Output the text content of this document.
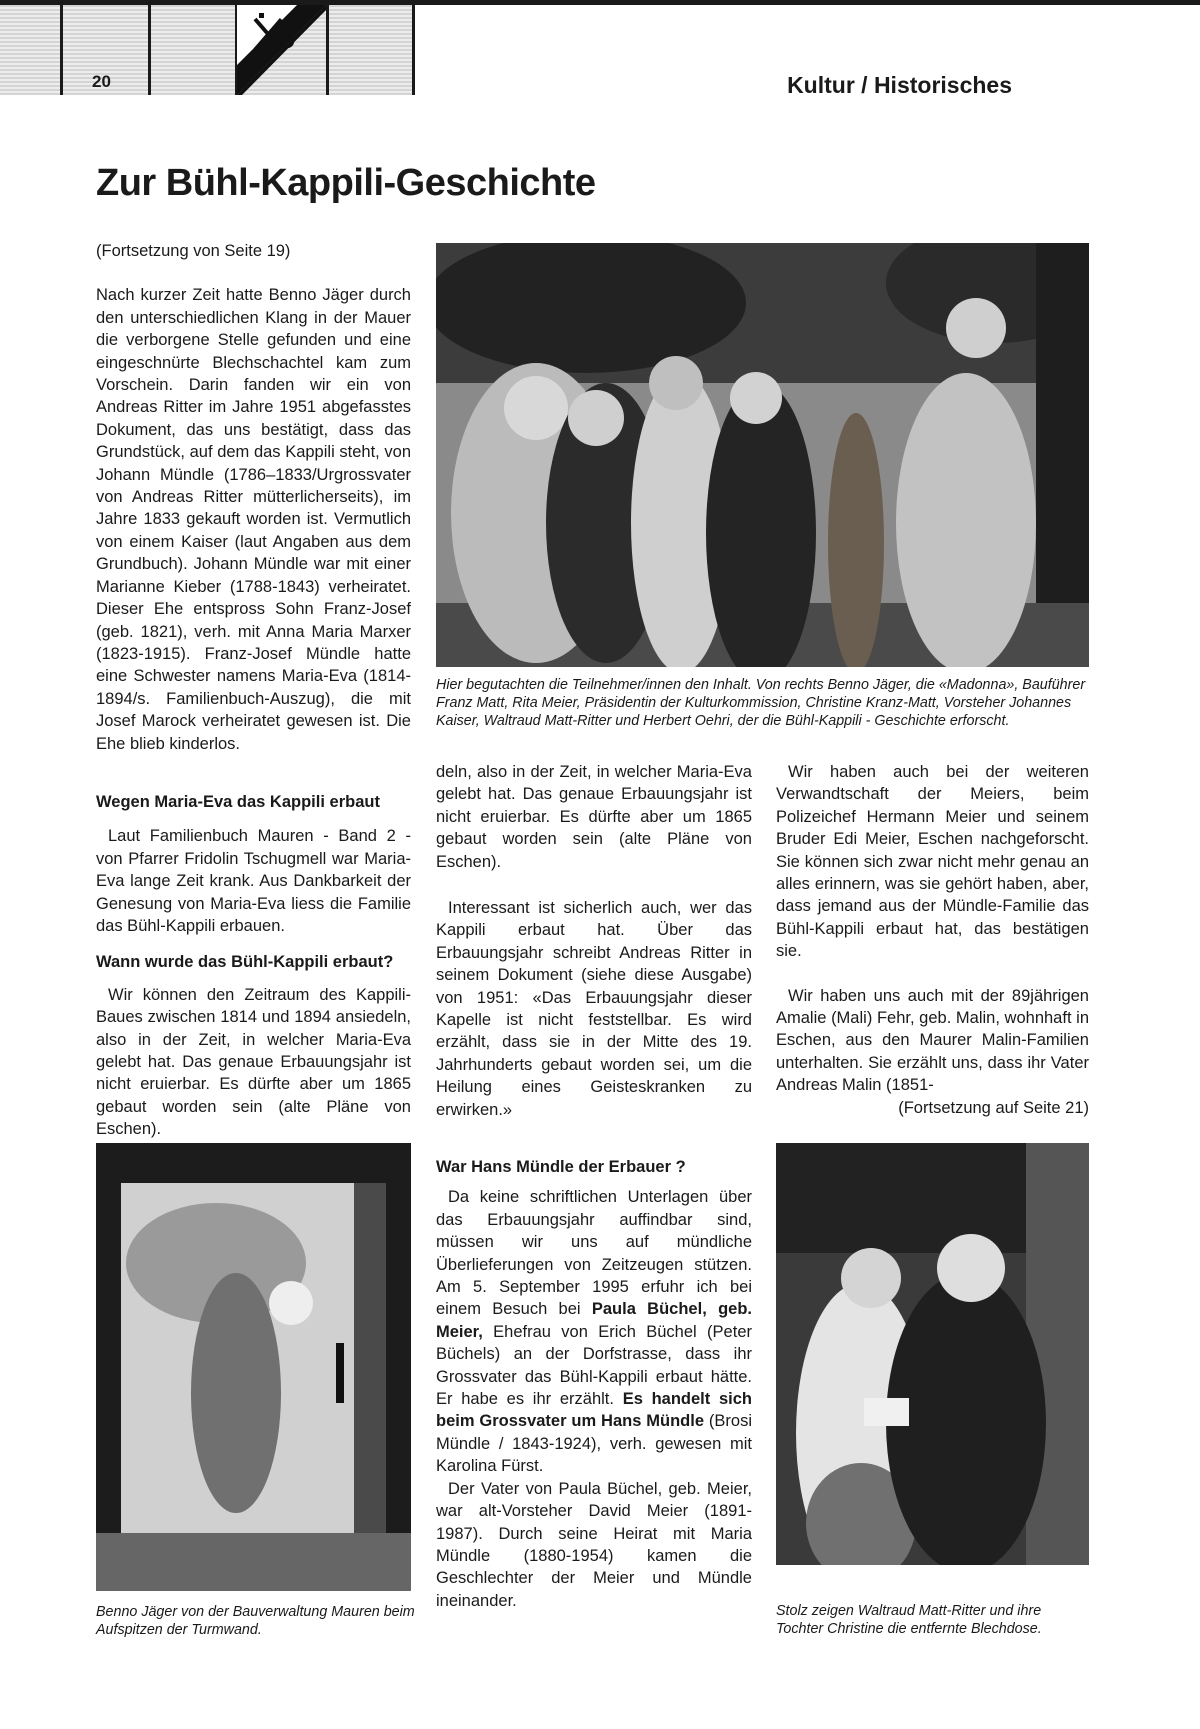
20	Kultur / Historisches
Zur Bühl-Kappili-Geschichte

(Fortsetzung von Seite 19)

Nach kurzer Zeit hatte Benno Jäger durch den unterschiedlichen Klang in der Mauer die verborgene Stelle gefunden und eine eingeschnürte Blechschachtel kam zum Vorschein. Darin fanden wir ein von Andreas Ritter im Jahre 1951 abgefasstes Dokument, das uns bestätigt, dass das Grundstück, auf dem das Kappili steht, von Johann Mündle (1786–1833/Urgrossvater von Andreas Ritter mütterlicherseits), im Jahre 1833 gekauft worden ist. Vermutlich von einem Kaiser (laut Angaben aus dem Grundbuch). Johann Mündle war mit einer Marianne Kieber (1788-1843) verheiratet. Dieser Ehe entspross Sohn Franz-Josef (geb. 1821), verh. mit Anna Maria Marxer (1823-1915). Franz-Josef Mündle hatte eine Schwester namens Maria-Eva (1814-1894/s. Familienbuch-Auszug), die mit Josef Marock verheiratet gewesen ist. Die Ehe blieb kinderlos.

Wegen Maria-Eva das Kappili erbaut

Laut Familienbuch Mauren - Band 2 - von Pfarrer Fridolin Tschugmell war Maria-Eva lange Zeit krank. Aus Dankbarkeit der Genesung von Maria-Eva liess die Familie das Bühl-Kappili erbauen.

Wann wurde das Bühl-Kappili erbaut?

Wir können den Zeitraum des Kappili-Baues zwischen 1814 und 1894 ansiedeln, also in der Zeit, in welcher Maria-Eva gelebt hat. Das genaue Erbauungsjahr ist nicht eruierbar. Es dürfte aber um 1865 gebaut worden sein (alte Pläne von Eschen).

Hier begutachten die Teilnehmer/innen den Inhalt. Von rechts Benno Jäger, die «Madonna», Bauführer Franz Matt, Rita Meier, Präsidentin der Kulturkommission, Christine Kranz-Matt, Vorsteher Johannes Kaiser, Waltraud Matt-Ritter und Herbert Oehri, der die Bühl-Kappili - Geschichte erforscht.

deln, also in der Zeit, in welcher Maria-Eva gelebt hat. Das genaue Erbauungsjahr ist nicht eruierbar. Es dürfte aber um 1865 gebaut worden sein (alte Pläne von Eschen).

Interessant ist sicherlich auch, wer das Kappili erbaut hat. Über das Erbauungsjahr schreibt Andreas Ritter in seinem Dokument (siehe diese Ausgabe) von 1951: «Das Erbauungsjahr dieser Kapelle ist nicht feststellbar. Es wird erzählt, dass sie in der Mitte des 19. Jahrhunderts gebaut worden sei, um die Heilung eines Geisteskranken zu erwirken.»

Wir haben auch bei der weiteren Verwandtschaft der Meiers, beim Polizeichef Hermann Meier und seinem Bruder Edi Meier, Eschen nachgeforscht. Sie können sich zwar nicht mehr genau an alles erinnern, was sie gehört haben, aber, dass jemand aus der Mündle-Familie das Bühl-Kappili erbaut hat, das bestätigen sie.

Wir haben uns auch mit der 89jährigen Amalie (Mali) Fehr, geb. Malin, wohnhaft in Eschen, aus den Maurer Malin-Familien unterhalten. Sie erzählt uns, dass ihr Vater Andreas Malin (1851-

(Fortsetzung auf Seite 21)

Benno Jäger von der Bauverwaltung Mauren beim Aufspitzen der Turmwand.

War Hans Mündle der Erbauer ?

Da keine schriftlichen Unterlagen über das Erbauungsjahr auffindbar sind, müssen wir uns auf mündliche Überlieferungen von Zeitzeugen stützen. Am 5. September 1995 erfuhr ich bei einem Besuch bei Paula Büchel, geb. Meier, Ehefrau von Erich Büchel (Peter Büchels) an der Dorfstrasse, dass ihr Grossvater das Bühl-Kappili erbaut hätte. Er habe es ihr erzählt. Es handelt sich beim Grossvater um Hans Mündle (Brosi Mündle / 1843-1924), verh. gewesen mit Karolina Fürst.

Der Vater von Paula Büchel, geb. Meier, war alt-Vorsteher David Meier (1891-1987). Durch seine Heirat mit Maria Mündle (1880-1954) kamen die Geschlechter der Meier und Mündle ineinander.

Stolz zeigen Waltraud Matt-Ritter und ihre Tochter Christine die entfernte Blechdose.
